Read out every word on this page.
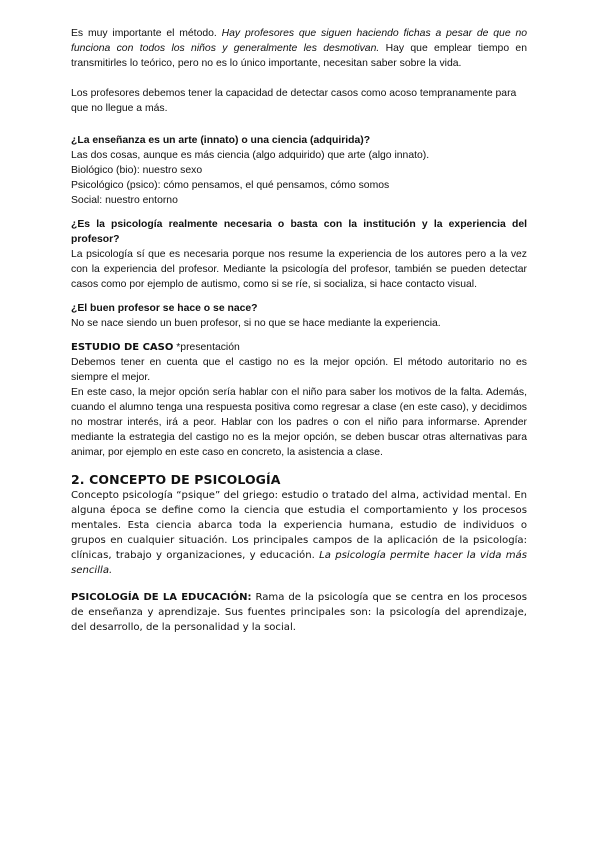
Es muy importante el método. Hay profesores que siguen haciendo fichas a pesar de que no funciona con todos los niños y generalmente les desmotivan. Hay que emplear tiempo en transmitirles lo teórico, pero no es lo único importante, necesitan saber sobre la vida.

Los profesores debemos tener la capacidad de detectar casos como acoso tempranamente para que no llegue a más.

¿La enseñanza es un arte (innato) o una ciencia (adquirida)?

Las dos cosas, aunque es más ciencia (algo adquirido) que arte (algo innato).

Biológico (bio): nuestro sexo

Psicológico (psico): cómo pensamos, el qué pensamos, cómo somos

Social: nuestro entorno

¿Es la psicología realmente necesaria o basta con la institución y la experiencia del profesor?

La psicología sí que es necesaria porque nos resume la experiencia de los autores pero a la vez con la experiencia del profesor. Mediante la psicología del profesor, también se pueden detectar casos como por ejemplo de autismo, como si se ríe, si socializa, si hace contacto visual.

¿El buen profesor se hace o se nace?

No se nace siendo un buen profesor, si no que se hace mediante la experiencia.

ESTUDIO DE CASO *presentación

Debemos tener en cuenta que el castigo no es la mejor opción. El método autoritario no es siempre el mejor.

En este caso, la mejor opción sería hablar con el niño para saber los motivos de la falta. Además, cuando el alumno tenga una respuesta positiva como regresar a clase (en este caso), y decidimos no mostrar interés, irá a peor. Hablar con los padres o con el niño para informarse. Aprender mediante la estrategia del castigo no es la mejor opción, se deben buscar otras alternativas para animar, por ejemplo en este caso en concreto, la asistencia a clase.

2. CONCEPTO DE PSICOLOGÍA

Concepto psicología “psique” del griego: estudio o tratado del alma, actividad mental. En alguna época se define como la ciencia que estudia el comportamiento y los procesos mentales. Esta ciencia abarca toda la experiencia humana, estudio de individuos o grupos en cualquier situación. Los principales campos de la aplicación de la psicología: clínicas, trabajo y organizaciones, y educación. La psicología permite hacer la vida más sencilla.

PSICOLOGÍA DE LA EDUCACIÓN: Rama de la psicología que se centra en los procesos de enseñanza y aprendizaje. Sus fuentes principales son: la psicología del aprendizaje, del desarrollo, de la personalidad y la social.
